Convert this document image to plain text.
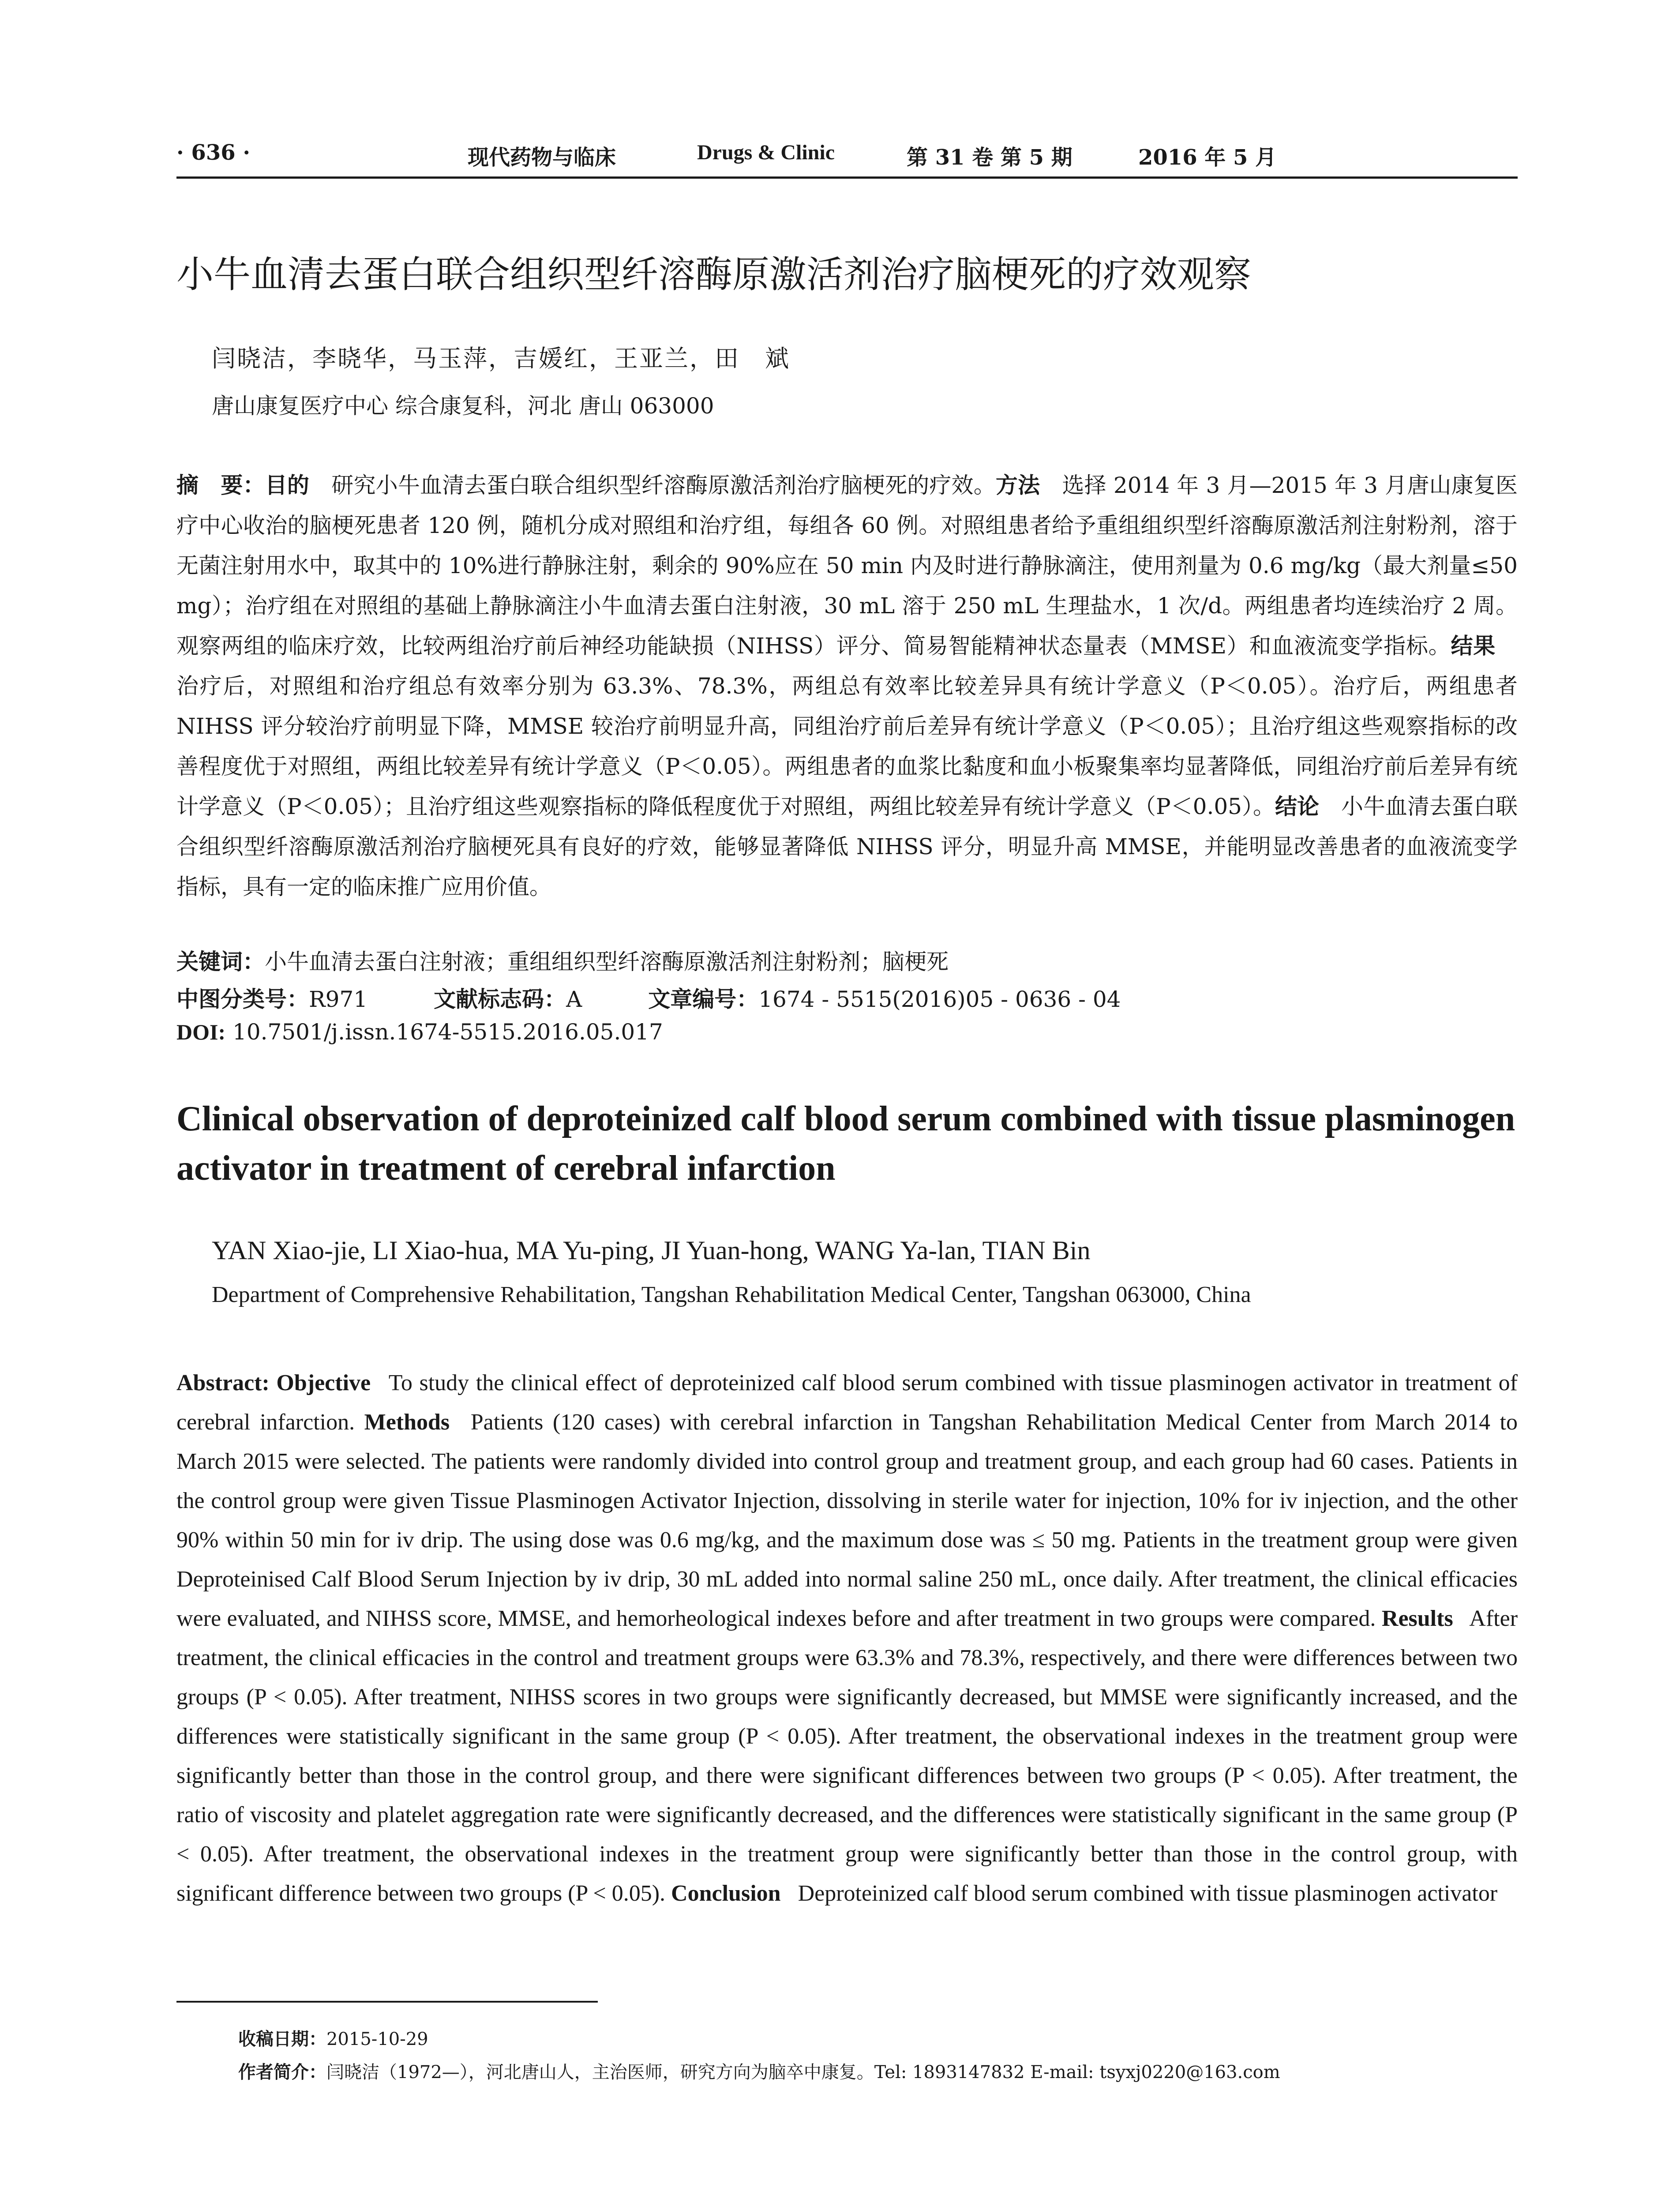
· 636 ·	现代药物与临床	Drugs & Clinic	第 31 卷 第 5 期	2016 年 5 月
小牛血清去蛋白联合组织型纤溶酶原激活剂治疗脑梗死的疗效观察
闫晓洁，李晓华，马玉萍，吉媛红，王亚兰，田　斌
唐山康复医疗中心 综合康复科，河北 唐山 063000
摘　要：目的  研究小牛血清去蛋白联合组织型纤溶酶原激活剂治疗脑梗死的疗效。方法  选择 2014 年 3 月—2015 年 3 月唐山康复医疗中心收治的脑梗死患者 120 例，随机分成对照组和治疗组，每组各 60 例。对照组患者给予重组组织型纤溶酶原激活剂注射粉剂，溶于无菌注射用水中，取其中的 10%进行静脉注射，剩余的 90%应在 50 min 内及时进行静脉滴注，使用剂量为 0.6 mg/kg（最大剂量≤50 mg）；治疗组在对照组的基础上静脉滴注小牛血清去蛋白注射液，30 mL 溶于 250 mL 生理盐水，1 次/d。两组患者均连续治疗 2 周。观察两组的临床疗效，比较两组治疗前后神经功能缺损（NIHSS）评分、简易智能精神状态量表（MMSE）和血液流变学指标。结果 治疗后，对照组和治疗组总有效率分别为 63.3%、78.3%，两组总有效率比较差异具有统计学意义（P＜0.05）。治疗后，两组患者 NIHSS 评分较治疗前明显下降，MMSE 较治疗前明显升高，同组治疗前后差异有统计学意义（P＜0.05）；且治疗组这些观察指标的改善程度优于对照组，两组比较差异有统计学意义（P＜0.05）。两组患者的血浆比黏度和血小板聚集率均显著降低，同组治疗前后差异有统计学意义（P＜0.05）；且治疗组这些观察指标的降低程度优于对照组，两组比较差异有统计学意义（P＜0.05）。结论  小牛血清去蛋白联合组织型纤溶酶原激活剂治疗脑梗死具有良好的疗效，能够显著降低 NIHSS 评分，明显升高 MMSE，并能明显改善患者的血液流变学指标，具有一定的临床推广应用价值。
关键词：小牛血清去蛋白注射液；重组组织型纤溶酶原激活剂注射粉剂；脑梗死
中图分类号：R971	文献标志码：A	文章编号：1674 - 5515(2016)05 - 0636 - 04
DOI: 10.7501/j.issn.1674-5515.2016.05.017
Clinical observation of deproteinized calf blood serum combined with tissue plasminogen activator in treatment of cerebral infarction
YAN Xiao-jie, LI Xiao-hua, MA Yu-ping, JI Yuan-hong, WANG Ya-lan, TIAN Bin
Department of Comprehensive Rehabilitation, Tangshan Rehabilitation Medical Center, Tangshan 063000, China
Abstract: Objective  To study the clinical effect of deproteinized calf blood serum combined with tissue plasminogen activator in treatment of cerebral infarction. Methods  Patients (120 cases) with cerebral infarction in Tangshan Rehabilitation Medical Center from March 2014 to March 2015 were selected. The patients were randomly divided into control group and treatment group, and each group had 60 cases. Patients in the control group were given Tissue Plasminogen Activator Injection, dissolving in sterile water for injection, 10% for iv injection, and the other 90% within 50 min for iv drip. The using dose was 0.6 mg/kg, and the maximum dose was ≤ 50 mg. Patients in the treatment group were given Deproteinised Calf Blood Serum Injection by iv drip, 30 mL added into normal saline 250 mL, once daily. After treatment, the clinical efficacies were evaluated, and NIHSS score, MMSE, and hemorheological indexes before and after treatment in two groups were compared. Results  After treatment, the clinical efficacies in the control and treatment groups were 63.3% and 78.3%, respectively, and there were differences between two groups (P < 0.05). After treatment, NIHSS scores in two groups were significantly decreased, but MMSE were significantly increased, and the differences were statistically significant in the same group (P < 0.05). After treatment, the observational indexes in the treatment group were significantly better than those in the control group, and there were significant differences between two groups (P < 0.05). After treatment, the ratio of viscosity and platelet aggregation rate were significantly decreased, and the differences were statistically significant in the same group (P < 0.05). After treatment, the observational indexes in the treatment group were significantly better than those in the control group, with significant difference between two groups (P < 0.05). Conclusion  Deproteinized calf blood serum combined with tissue plasminogen activator
收稿日期：2015-10-29
作者简介：闫晓洁（1972—），河北唐山人，主治医师，研究方向为脑卒中康复。Tel: 1893147832 E-mail: tsyxj0220@163.com
